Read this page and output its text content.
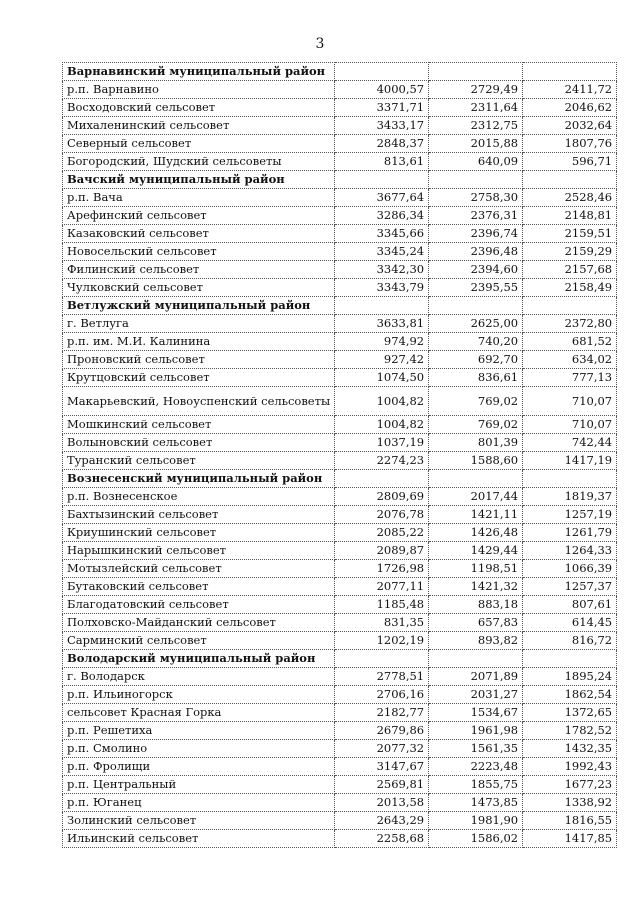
3
Варнавинский муниципальный район			
р.п. Варнавино	4000,57	2729,49	2411,72
Восходовский сельсовет	3371,71	2311,64	2046,62
Михаленинский сельсовет	3433,17	2312,75	2032,64
Северный сельсовет	2848,37	2015,88	1807,76
Богородский, Шудский сельсоветы	813,61	640,09	596,71
Вачский муниципальный район			
р.п. Вача	3677,64	2758,30	2528,46
Арефинский сельсовет	3286,34	2376,31	2148,81
Казаковский сельсовет	3345,66	2396,74	2159,51
Новосельский сельсовет	3345,24	2396,48	2159,29
Филинский сельсовет	3342,30	2394,60	2157,68
Чулковский сельсовет	3343,79	2395,55	2158,49
Ветлужский муниципальный район			
г. Ветлуга	3633,81	2625,00	2372,80
р.п. им. М.И. Калинина	974,92	740,20	681,52
Проновский сельсовет	927,42	692,70	634,02
Крутцовский сельсовет	1074,50	836,61	777,13
Макарьевский, Новоуспенский сельсоветы	1004,82	769,02	710,07
Мошкинский сельсовет	1004,82	769,02	710,07
Волыновский сельсовет	1037,19	801,39	742,44
Туранский сельсовет	2274,23	1588,60	1417,19
Вознесенский муниципальный район			
р.п. Вознесенское	2809,69	2017,44	1819,37
Бахтызинский сельсовет	2076,78	1421,11	1257,19
Криушинский сельсовет	2085,22	1426,48	1261,79
Нарышкинский сельсовет	2089,87	1429,44	1264,33
Мотызлейский сельсовет	1726,98	1198,51	1066,39
Бутаковский сельсовет	2077,11	1421,32	1257,37
Благодатовский сельсовет	1185,48	883,18	807,61
Полховско-Майданский сельсовет	831,35	657,83	614,45
Сарминский сельсовет	1202,19	893,82	816,72
Володарский муниципальный район			
г. Володарск	2778,51	2071,89	1895,24
р.п. Ильиногорск	2706,16	2031,27	1862,54
сельсовет Красная Горка	2182,77	1534,67	1372,65
р.п. Решетиха	2679,86	1961,98	1782,52
р.п. Смолино	2077,32	1561,35	1432,35
р.п. Фролищи	3147,67	2223,48	1992,43
р.п. Центральный	2569,81	1855,75	1677,23
р.п. Юганец	2013,58	1473,85	1338,92
Золинский сельсовет	2643,29	1981,90	1816,55
Ильинский сельсовет	2258,68	1586,02	1417,85
